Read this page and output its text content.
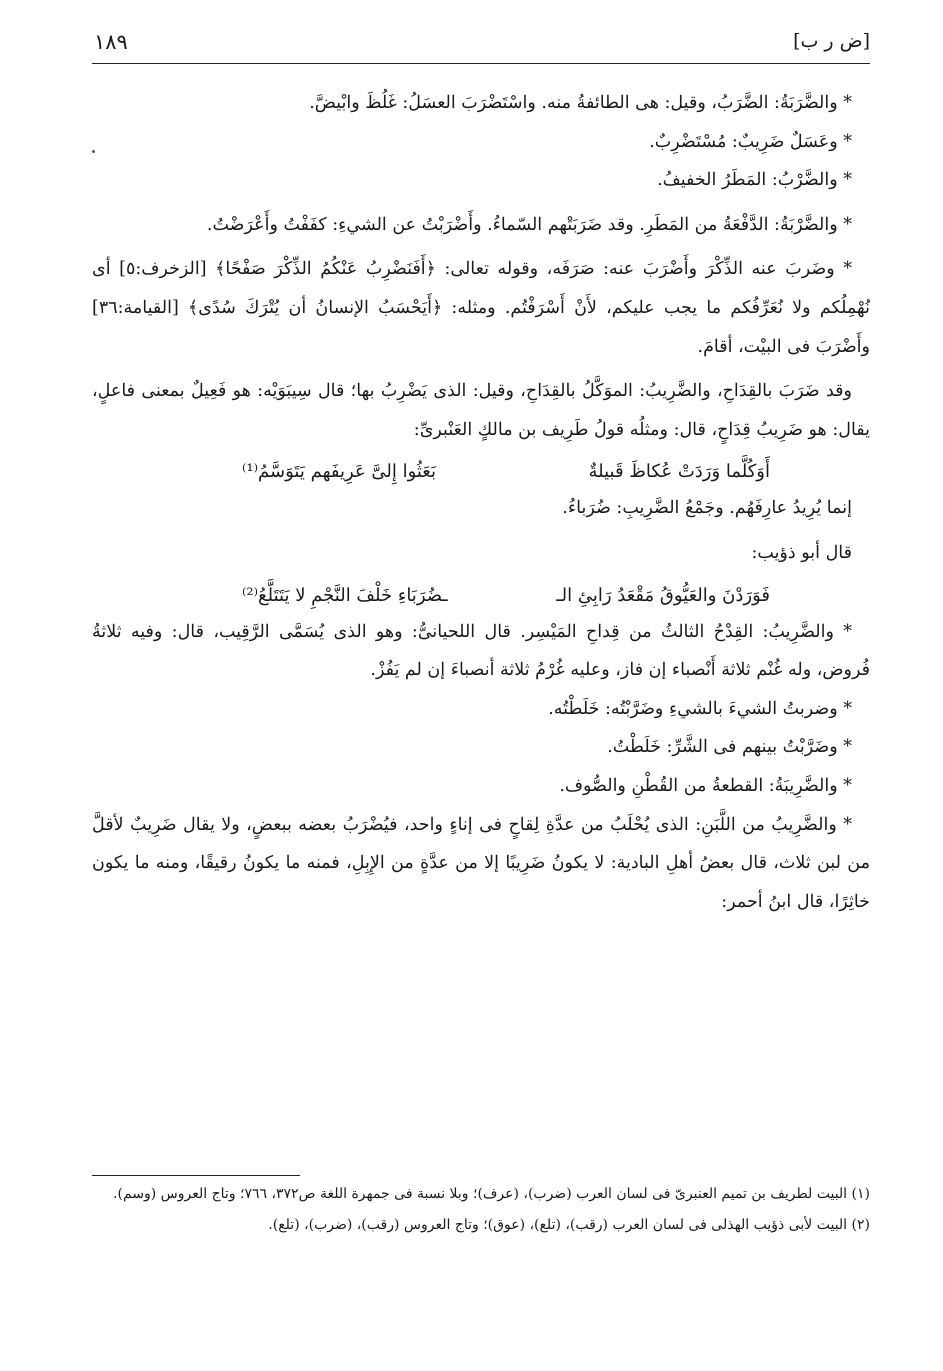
[ض ر ب]
١٨٩

* والضَّرَبَةُ: الضَّرَبُ، وقيل: هى الطائفةُ منه. واسْتَضْرَبَ العسَلُ: غَلُظَ وابْيضَّ.

* وعَسَلٌ ضَرِيبٌ: مُسْتَضْرِبٌ.

* والضَّرْبُ: المَطَرُ الخفيفُ.

* والضَّرْبَةُ: الدَّفْعَةُ من المَطَرِ. وقد ضَرَبَتْهم السّماءُ. وأَضْرَبْتُ عن الشيءِ: كفَفْتُ وأَعْرَضْتُ.

* وضَربَ عنه الذِّكْرَ وأَضْرَبَ عنه: صَرَفَه، وقوله تعالى: ﴿أَفَنَضْرِبُ عَنْكُمُ الذِّكْرَ صَفْحًا﴾ [الزخرف:٥] أى نُهْمِلُكم ولا نُعَرِّفُكم ما يجب عليكم، لأَنْ أَسْرَفْتُم. ومثله: ﴿أَيَحْسَبُ الإنسانُ أن يُتْرَكَ سُدًى﴾ [القيامة:٣٦] وأَضْرَبَ فى البيْت، أقامَ.

وقد ضَرَبَ بالقِدَاحِ، والضَّرِيبُ: الموَكَّلُ بالقِدَاحِ، وقيل: الذى يَضْرِبُ بها؛ قال سِيبَوَيْه: هو فَعِيلٌ بمعنى فاعلٍ، يقال: هو ضَرِيبُ قِدَاحٍ، قال: ومثلُه قولُ طَرِيف بن مالكٍ العَنْبرىِّ:

أَوَكُلَّما وَرَدَتْ عُكاظَ قَبيلةٌ
بَعَثُوا إِلىَّ عَرِيفَهم يَتَوَسَّمُ⁽¹⁾

إنما يُرِيدُ عارِفَهُم. وجَمْعُ الضَّرِيبِ: ضُرَباءُ.

قال أبو ذؤيب:

فَوَرَدْنَ والعَيُّوقُ مَقْعَدُ رَابِئِ الـ
ـضُرَبَاءِ خَلْفَ النَّجْمِ لا يَتَتَلَّعُ⁽²⁾

* والضَّرِيبُ: القِدْحُ الثالثُ من قِداحِ المَيْسِر. قال اللحيانىُّ: وهو الذى يُسَمَّى الرَّقِيب، قال: وفيه ثلاثةُ فُروض، وله غُنْم ثلاثة أَنْصباء إن فاز، وعليه غُرْمُ ثلاثة أنصباءَ إن لم يَفُزْ.

* وضربتُ الشيءَ بالشيءِ وضَرَّبْتُه: خَلَطْتُه.

* وضَرَّبْتُ بينهم فى الشَّرِّ: خَلَطْتُ.

* والضَّرِيبَةُ: القطعةُ من القُطْنِ والصُّوف.

* والضَّرِيبُ من اللَّبَنِ: الذى يُحْلَبُ من عدَّةِ لِقاحٍ فى إناءٍ واحد، فيُضْرَبُ بعضه ببعضٍ، ولا يقال ضَرِيبٌ لأقلَّ من لبن ثلاث، قال بعضُ أهلِ البادية: لا يكونُ ضَرِيبًا إلا من عدَّةٍ من الإِبِلِ، فمنه ما يكونُ رقيقًا، ومنه ما يكون خاثِرًا، قال ابنُ أحمر:

(١) البيت لطريف بن تميم العنبرىّ فى لسان العرب (ضرب)، (عرف)؛ وبلا نسبة فى جمهرة اللغة ص٣٧٢، ٧٦٦؛ وتاج العروس (وسم).

(٢) البيت لأبى ذؤيب الهذلى فى لسان العرب (رقب)، (تلع)، (عوق)؛ وتاج العروس (رقب)، (ضرب)، (تلع).
